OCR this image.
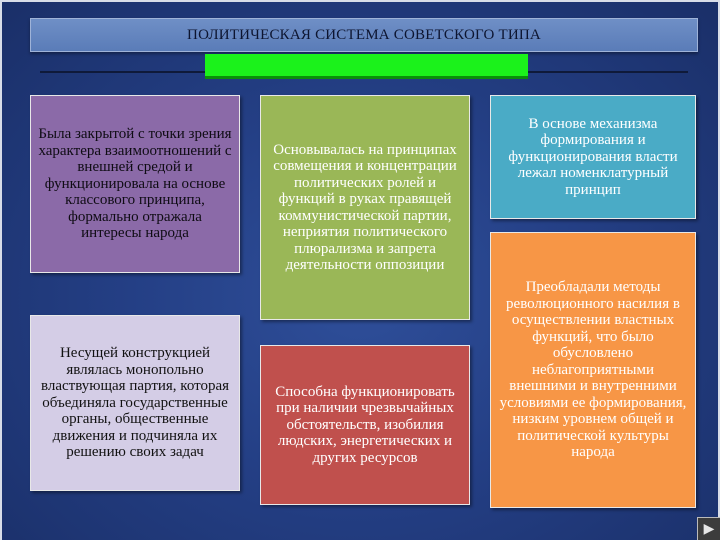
ПОЛИТИЧЕСКАЯ СИСТЕМА СОВЕТСКОГО ТИПА
Была закрытой с точки зрения характера взаимоотношений с внешней средой и функционировала на основе классового принципа, формально отражала интересы народа
Несущей конструкцией являлась монопольно властвующая партия, которая объединяла государственные органы, общественные движения и подчиняла их решению своих задач
Основывалась на принципах совмещения и концентрации политических ролей и функций в руках правящей коммунистической партии, неприятия политического плюрализма и запрета деятельности оппозиции
Способна функционировать при наличии чрезвычайных обстоятельств, изобилия людских, энергетических и других ресурсов
В основе механизма формирования и функционирования власти лежал номенклатурный принцип
Преобладали методы революционного насилия в осуществлении властных функций, что было обусловлено неблагоприятными внешними и внутренними условиями ее формирования, низким уровнем общей и политической культуры народа
▶
